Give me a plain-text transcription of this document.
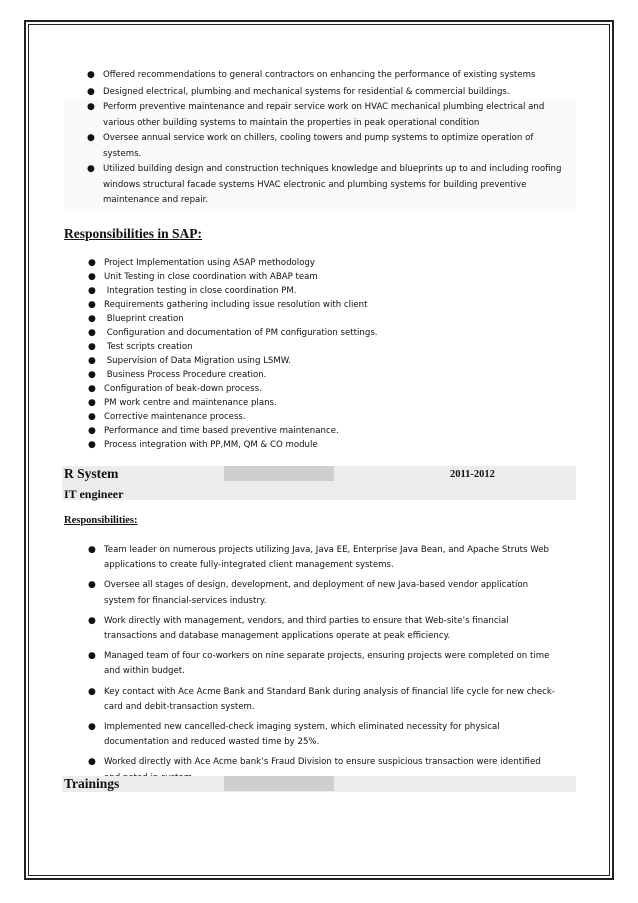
● Offered recommendations to general contractors on enhancing the performance of existing systems
● Designed electrical, plumbing and mechanical systems for residential & commercial buildings.
● Perform preventive maintenance and repair service work on HVAC mechanical plumbing electrical and
various other building systems to maintain the properties in peak operational condition
● Oversee annual service work on chillers, cooling towers and pump systems to optimize operation of
systems.
● Utilized building design and construction techniques knowledge and blueprints up to and including roofing
windows structural facade systems HVAC electronic and plumbing systems for building preventive
maintenance and repair.
Responsibilities in SAP:
● Project Implementation using ASAP methodology
● Unit Testing in close coordination with ABAP team
● Integration testing in close coordination PM.
● Requirements gathering including issue resolution with client
● Blueprint creation
● Configuration and documentation of PM configuration settings.
● Test scripts creation
● Supervision of Data Migration using LSMW.
● Business Process Procedure creation.
● Configuration of beak-down process.
● PM work centre and maintenance plans.
● Corrective maintenance process.
● Performance and time based preventive maintenance.
● Process integration with PP,MM, QM & CO module
R System	2011-2012
IT engineer
Responsibilities:
● Team leader on numerous projects utilizing Java, Java EE, Enterprise Java Bean, and Apache Struts Web
applications to create fully-integrated client management systems.
● Oversee all stages of design, development, and deployment of new Java-based vendor application
system for financial-services industry.
● Work directly with management, vendors, and third parties to ensure that Web-site’s financial
transactions and database management applications operate at peak efficiency.
● Managed team of four co-workers on nine separate projects, ensuring projects were completed on time
and within budget.
● Key contact with Ace Acme Bank and Standard Bank during analysis of financial life cycle for new check-
card and debit-transaction system.
● Implemented new cancelled-check imaging system, which eliminated necessity for physical
documentation and reduced wasted time by 25%.
● Worked directly with Ace Acme bank’s Fraud Division to ensure suspicious transaction were identified

Trainings
